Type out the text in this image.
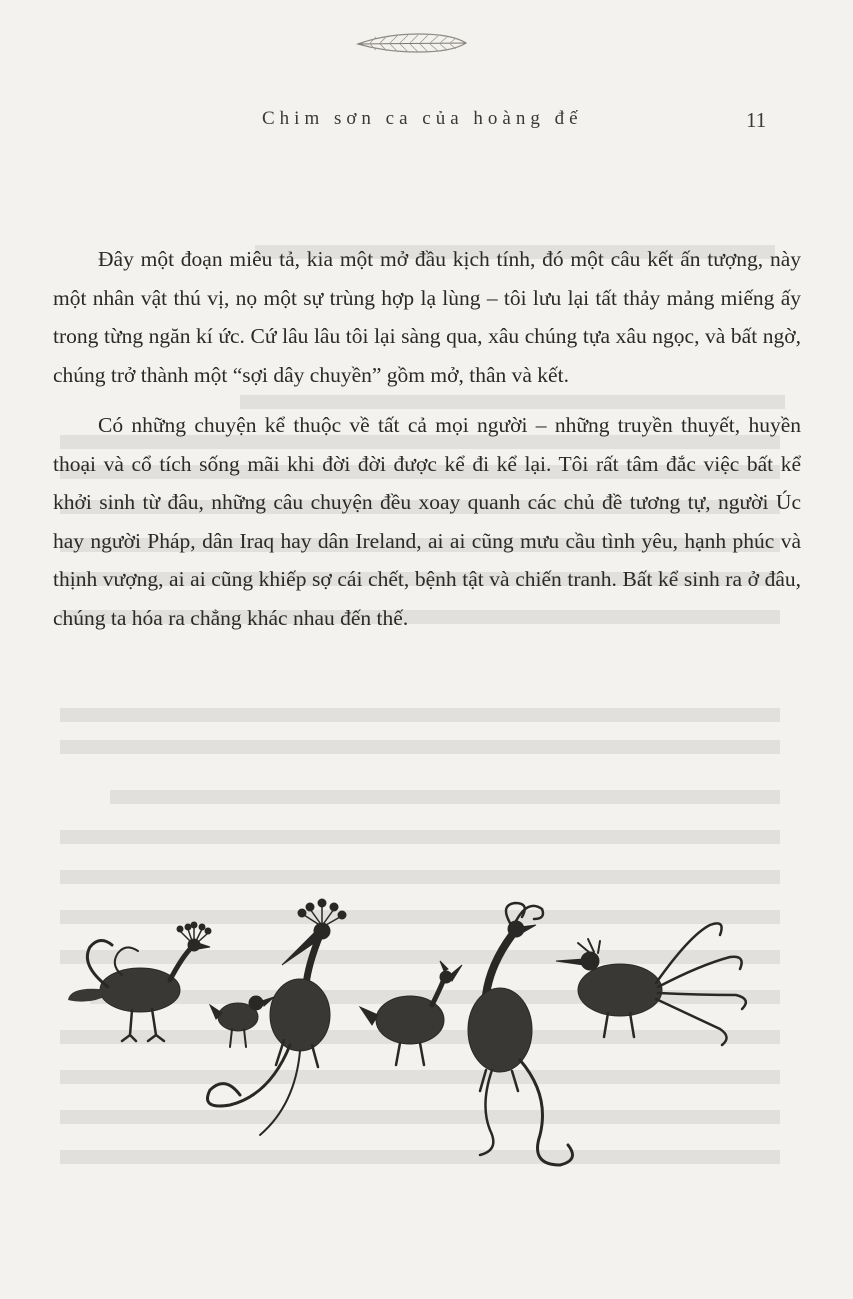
Chim sơn ca của hoàng đế	11

Đây một đoạn miêu tả, kia một mở đầu kịch tính, đó một câu kết ấn tượng, này một nhân vật thú vị, nọ một sự trùng hợp lạ lùng – tôi lưu lại tất thảy mảng miếng ấy trong từng ngăn kí ức. Cứ lâu lâu tôi lại sàng qua, xâu chúng tựa xâu ngọc, và bất ngờ, chúng trở thành một “sợi dây chuyền” gồm mở, thân và kết.

Có những chuyện kể thuộc về tất cả mọi người – những truyền thuyết, huyền thoại và cổ tích sống mãi khi đời đời được kể đi kể lại. Tôi rất tâm đắc việc bất kể khởi sinh từ đâu, những câu chuyện đều xoay quanh các chủ đề tương tự, người Úc hay người Pháp, dân Iraq hay dân Ireland, ai ai cũng mưu cầu tình yêu, hạnh phúc và thịnh vượng, ai ai cũng khiếp sợ cái chết, bệnh tật và chiến tranh. Bất kể sinh ra ở đâu, chúng ta hóa ra chẳng khác nhau đến thế.
